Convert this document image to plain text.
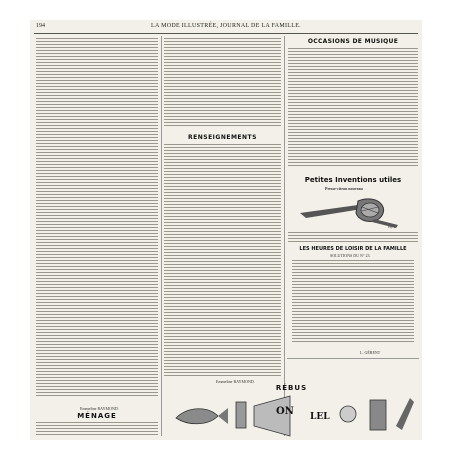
194	LA MODE ILLUSTRÉE, JOURNAL DE LA FAMILLE.
Emmeline RAYMOND.
MÉNAGE
RENSEIGNEMENTS
Emmeline RAYMOND.
OCCASIONS DE MUSIQUE
Petites Inventions utiles
Presse-citron nouveau
Fig. 1
LES HEURES DE LOISIR DE LA FAMILLE
SOLUTIONS DU N° 23.
L. GÉRENT
RÉBUS
ON LEL
